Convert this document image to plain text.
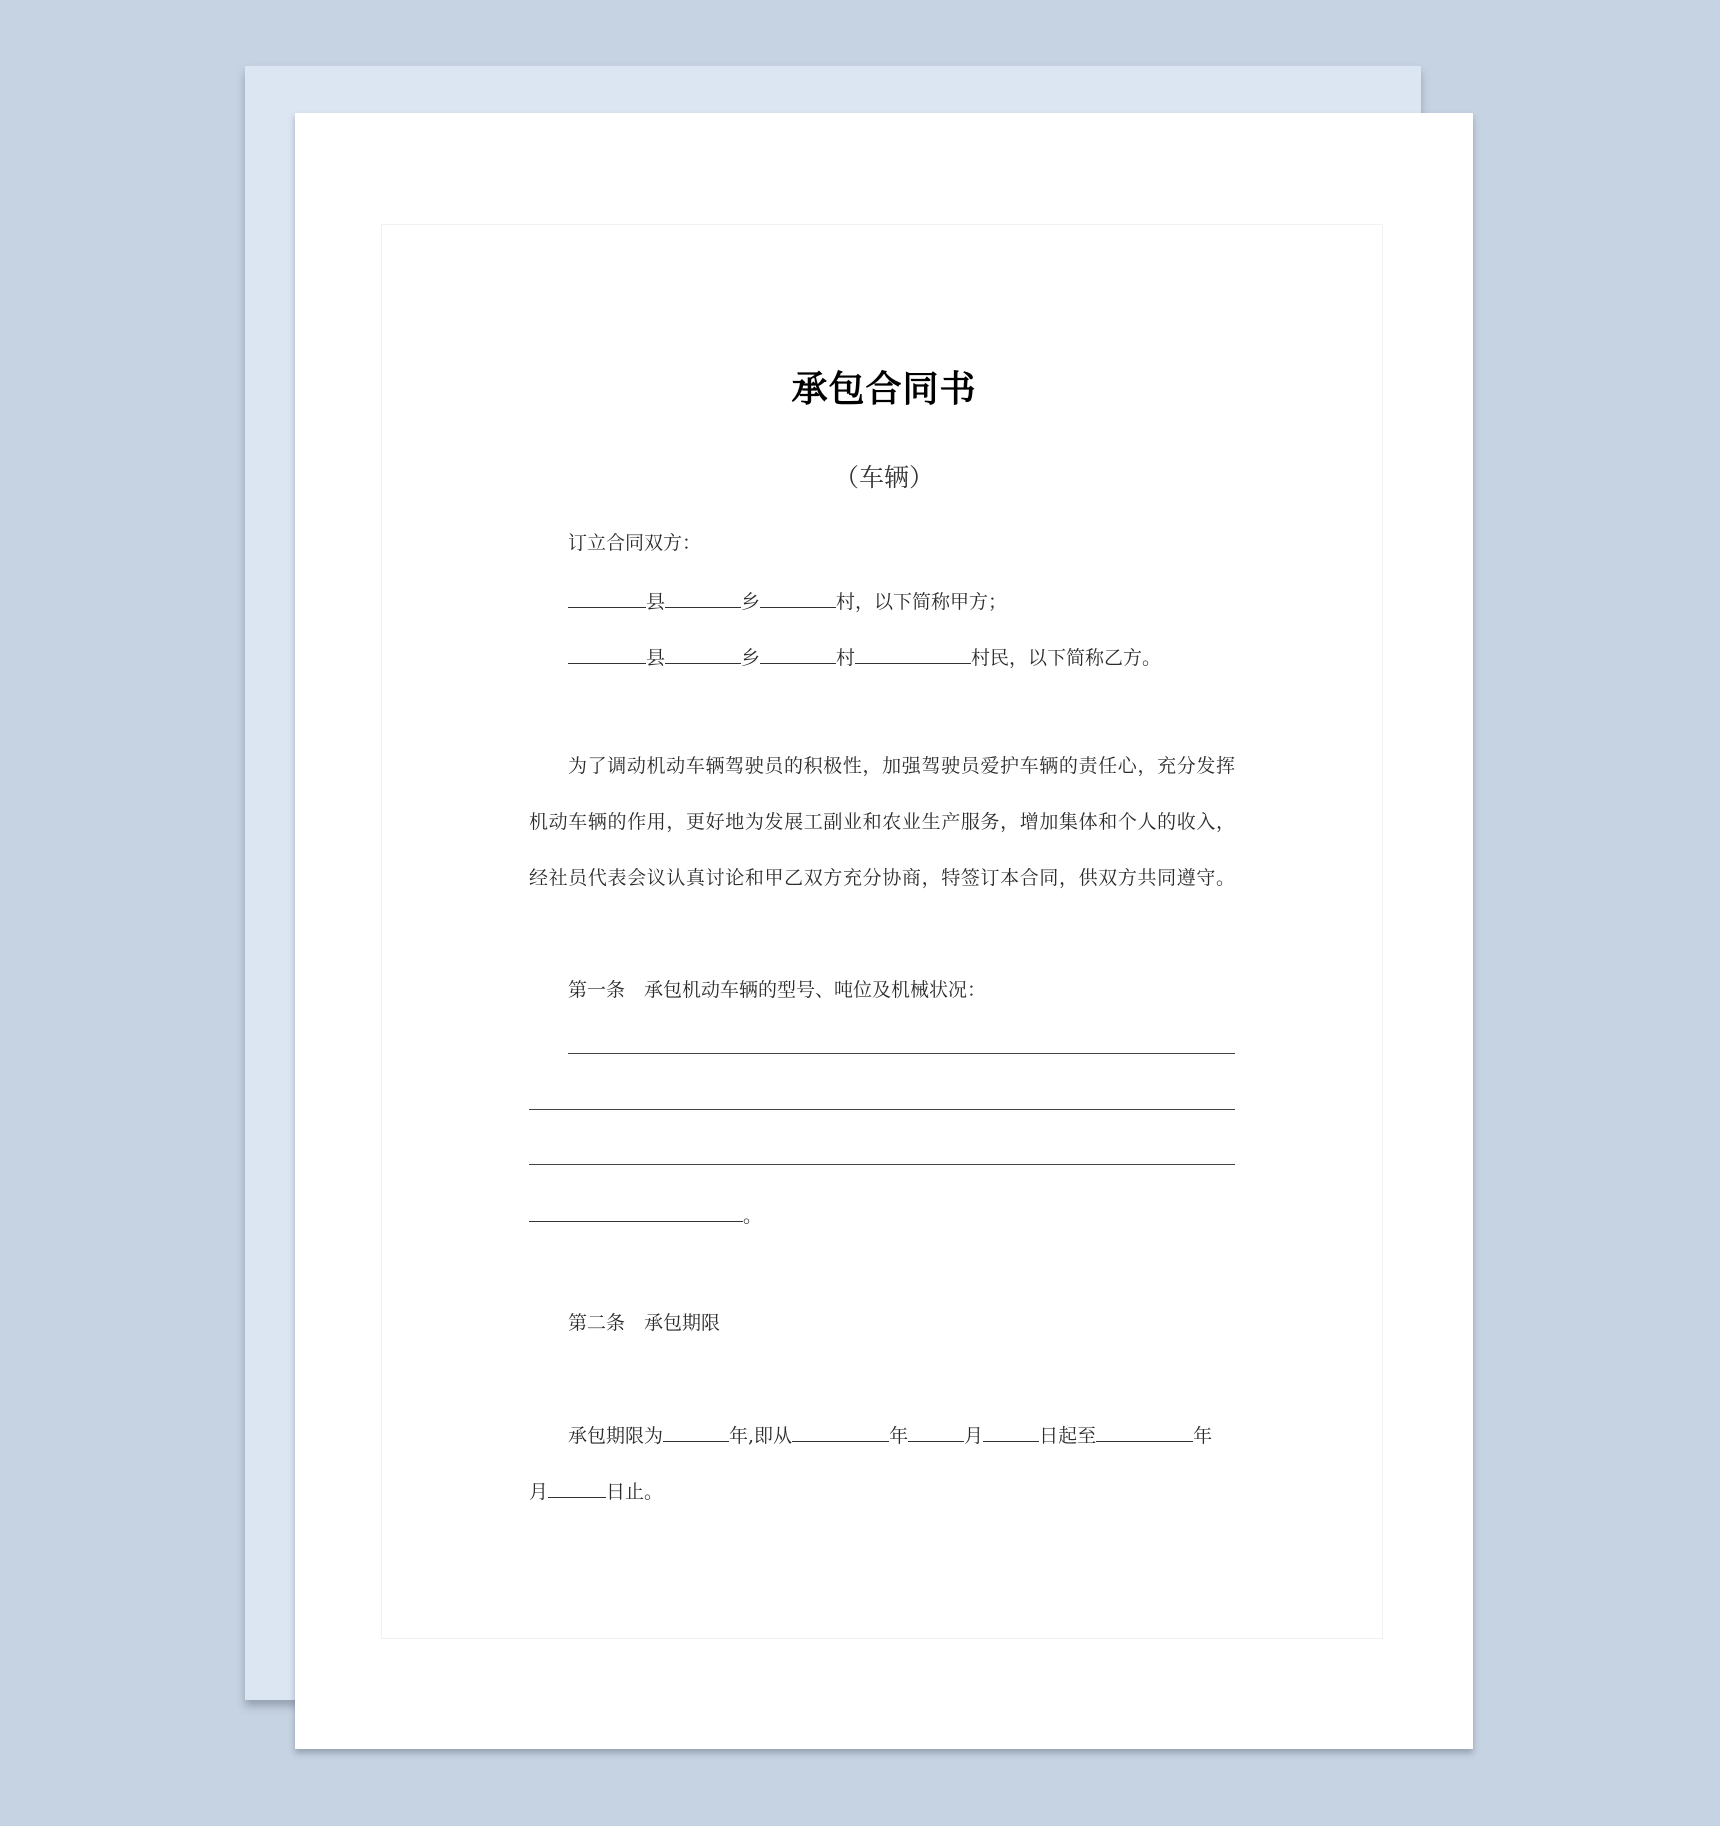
承包合同书
（车辆）
订立合同双方：
县	乡	村，以下简称甲方；
县	乡	村	村民，以下简称乙方。
为了调动机动车辆驾驶员的积极性，加强驾驶员爱护车辆的责任心，充分发挥
机动车辆的作用，更好地为发展工副业和农业生产服务，增加集体和个人的收入，
经社员代表会议认真讨论和甲乙双方充分协商，特签订本合同，供双方共同遵守。
第一条　承包机动车辆的型号、吨位及机械状况：
。
第二条　承包期限
承包期限为	年,即从	年	月	日起至	年
月	日止。
